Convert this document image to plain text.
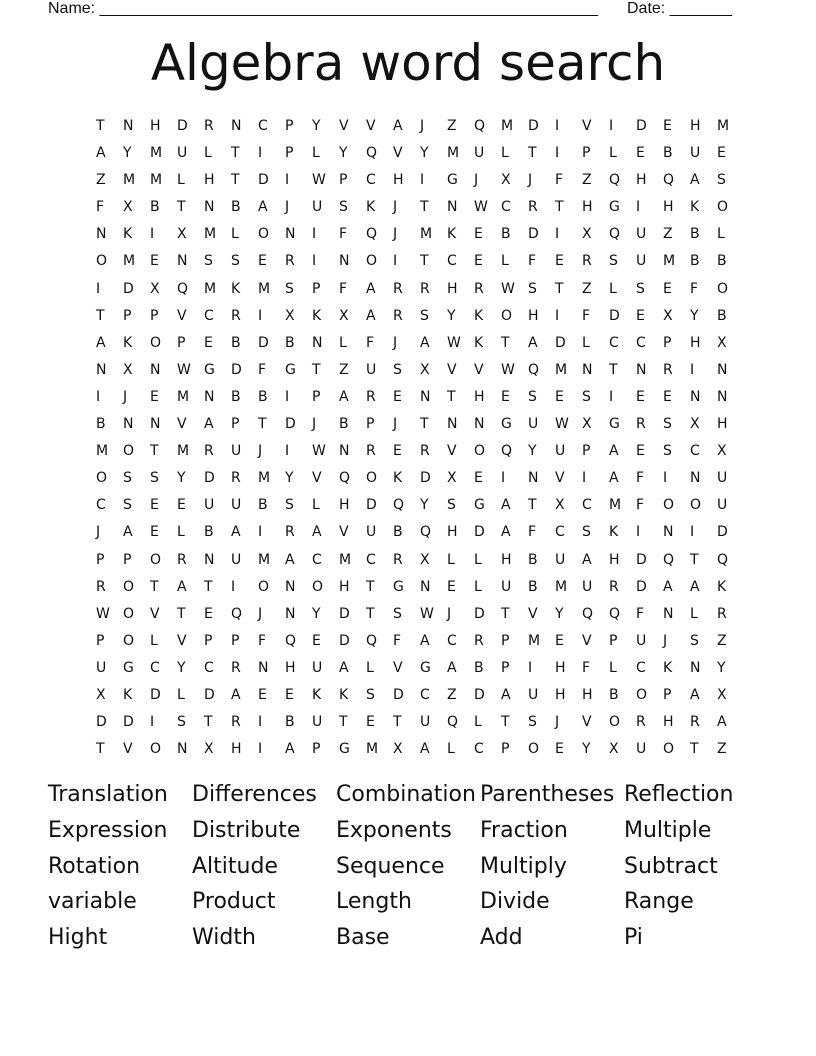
Name: ________________________________________________________ Date: _______
Algebra word search
T	N	H	D	R	N	C	P	Y	V	V	A	J	Z	Q	M	D	I	V	I	D	E	H	M
A	Y	M	U	L	T	I	P	L	Y	Q	V	Y	M	U	L	T	I	P	L	E	B	U	E
Z	M	M	L	H	T	D	I	W P	C	H	I	G	J	X	J	F	Z	Q	H	Q	A	S
F	X	B	T	N	B	A	J	U	S	K	J	T	N	W C	R	T	H	G	I	H	K	O
N	K	I	X	M	L	O	N	I	F	Q	J	M	K	E	B	D	I	X	Q	U	Z	B	L
O	M	E	N	S	S	E	R	I	N	O	I	T	C	E	L	F	E	R	S	U	M	B	B
I	D	X	Q	M	K	M	S	P	F	A	R	R	H	R	W S	T	Z	L	S	E	F	O
T	P	P	V	C	R	I	X	K	X	A	R	S	Y	K	O	H	I	F	D	E	X	Y	B
A	K	O	P	E	B	D	B	N	L	F	J	A	W K	T	A	D	L	C	C	P	H	X
N	X	N	W G	D	F	G	T	Z	U	S	X	V	V	W Q	M	N	T	N	R	I	N
I	J	E	M	N	B	B	I	P	A	R	E	N	T	H	E	S	E	S	I	E	E	N	N
B	N	N	V	A	P	T	D	J	B	P	J	T	N	N	G	U	W X	G	R	S	X	H
M	O	T	M	R	U	J	I	W N	R	E	R	V	O	Q	Y	U	P	A	E	S	C	X
O	S	S	Y	D	R	M	Y	V	Q	O	K	D	X	E	I	N	V	I	A	F	I	N	U
C	S	E	E	U	U	B	S	L	H	D	Q	Y	S	G	A	T	X	C	M	F	O	O	U
J	A	E	L	B	A	I	R	A	V	U	B	Q	H	D	A	F	C	S	K	I	N	I	D
P	P	O	R	N	U	M	A	C	M	C	R	X	L	L	H	B	U	A	H	D	Q	T	Q
R	O	T	A	T	I	O	N	O	H	T	G	N	E	L	U	B	M	U	R	D	A	A	K
W O	V	T	E	Q	J	N	Y	D	T	S	W J	D	T	V	Y	Q	Q	F	N	L	R
P	O	L	V	P	P	F	Q	E	D	Q	F	A	C	R	P	M	E	V	P	U	J	S	Z
U	G	C	Y	C	R	N	H	U	A	L	V	G	A	B	P	I	H	F	L	C	K	N	Y
X	K	D	L	D	A	E	E	K	K	S	D	C	Z	D	A	U	H	H	B	O	P	A	X
D	D	I	S	T	R	I	B	U	T	E	T	U	Q	L	T	S	J	V	O	R	H	R	A
T	V	O	N	X	H	I	A	P	G	M	X	A	L	C	P	O	E	Y	X	U	O	T	Z
Translation	Differences Combination Parentheses Reflection
Expression	Distribute	Exponents	Fraction	Multiple
Rotation	Altitude	Sequence	Multiply	Subtract
variable	Product	Length	Divide	Range
Hight	Width	Base	Add	Pi
